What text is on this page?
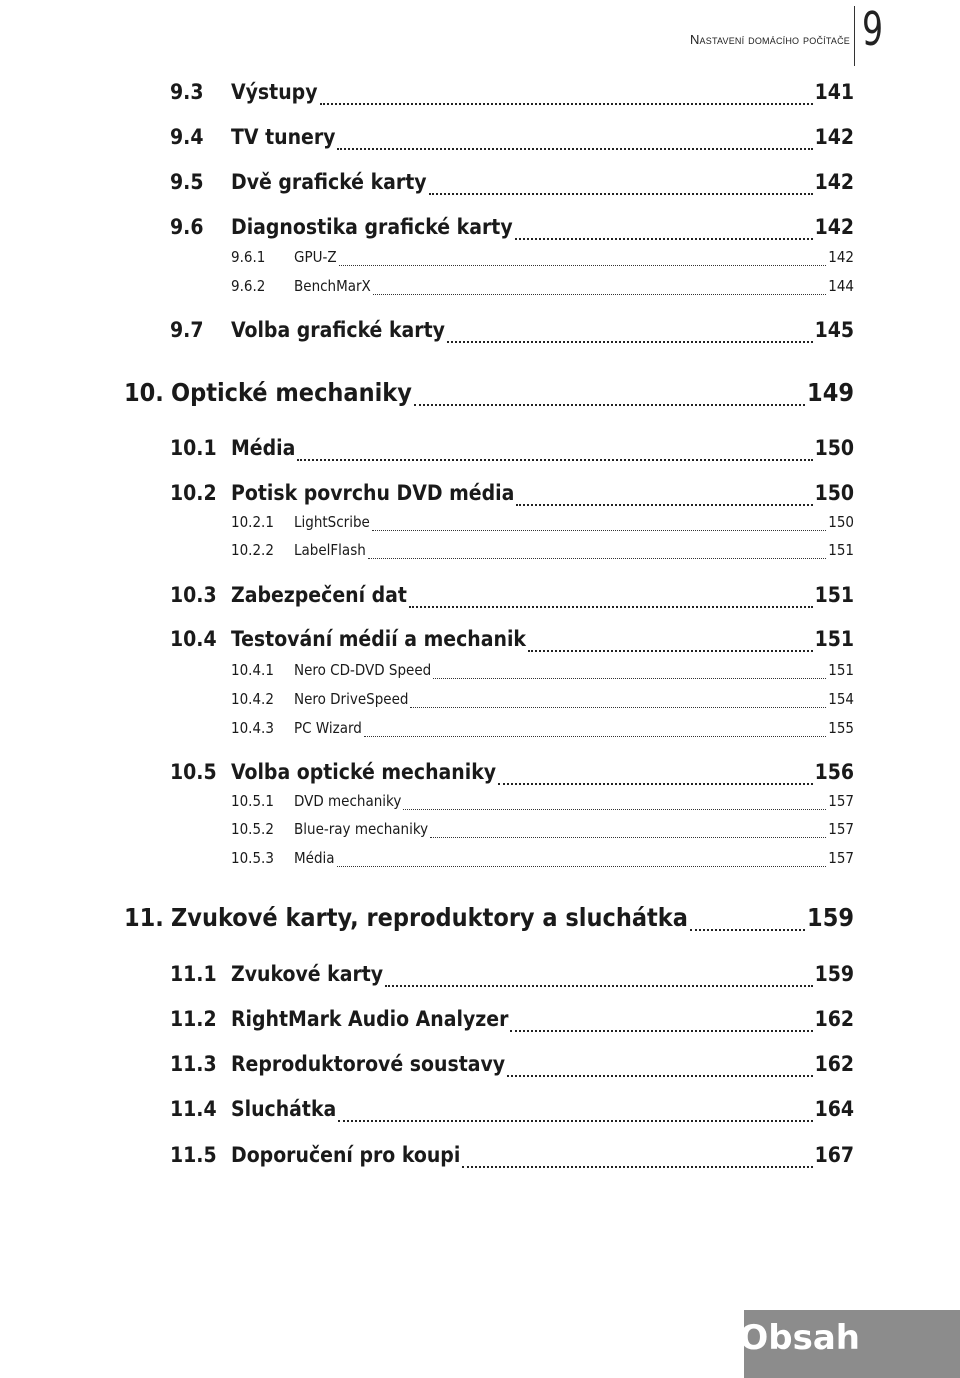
Nastavení domácího počítače 9
9.3	Výstupy	141
9.4	TV tunery	142
9.5	Dvě grafické karty	142
9.6	Diagnostika grafické karty	142
9.6.1	GPU-Z	142
9.6.2	BenchMarX	144
9.7	Volba grafické karty	145
10. Optické mechaniky	149
10.1 Média	150
10.2 Potisk povrchu DVD média	150
10.2.1	LightScribe	150
10.2.2	LabelFlash	151
10.3 Zabezpečení dat	151
10.4 Testování médií a mechanik	151
10.4.1	Nero CD-DVD Speed	151
10.4.2	Nero DriveSpeed	154
10.4.3	PC Wizard	155
10.5 Volba optické mechaniky	156
10.5.1	DVD mechaniky	157
10.5.2	Blue-ray mechaniky	157
10.5.3	Média	157
11. Zvukové karty, reproduktory a sluchátka	159
11.1 Zvukové karty	159
11.2 RightMark Audio Analyzer	162
11.3 Reproduktorové soustavy	162
11.4 Sluchátka	164
11.5 Doporučení pro koupi	167
Obsah
